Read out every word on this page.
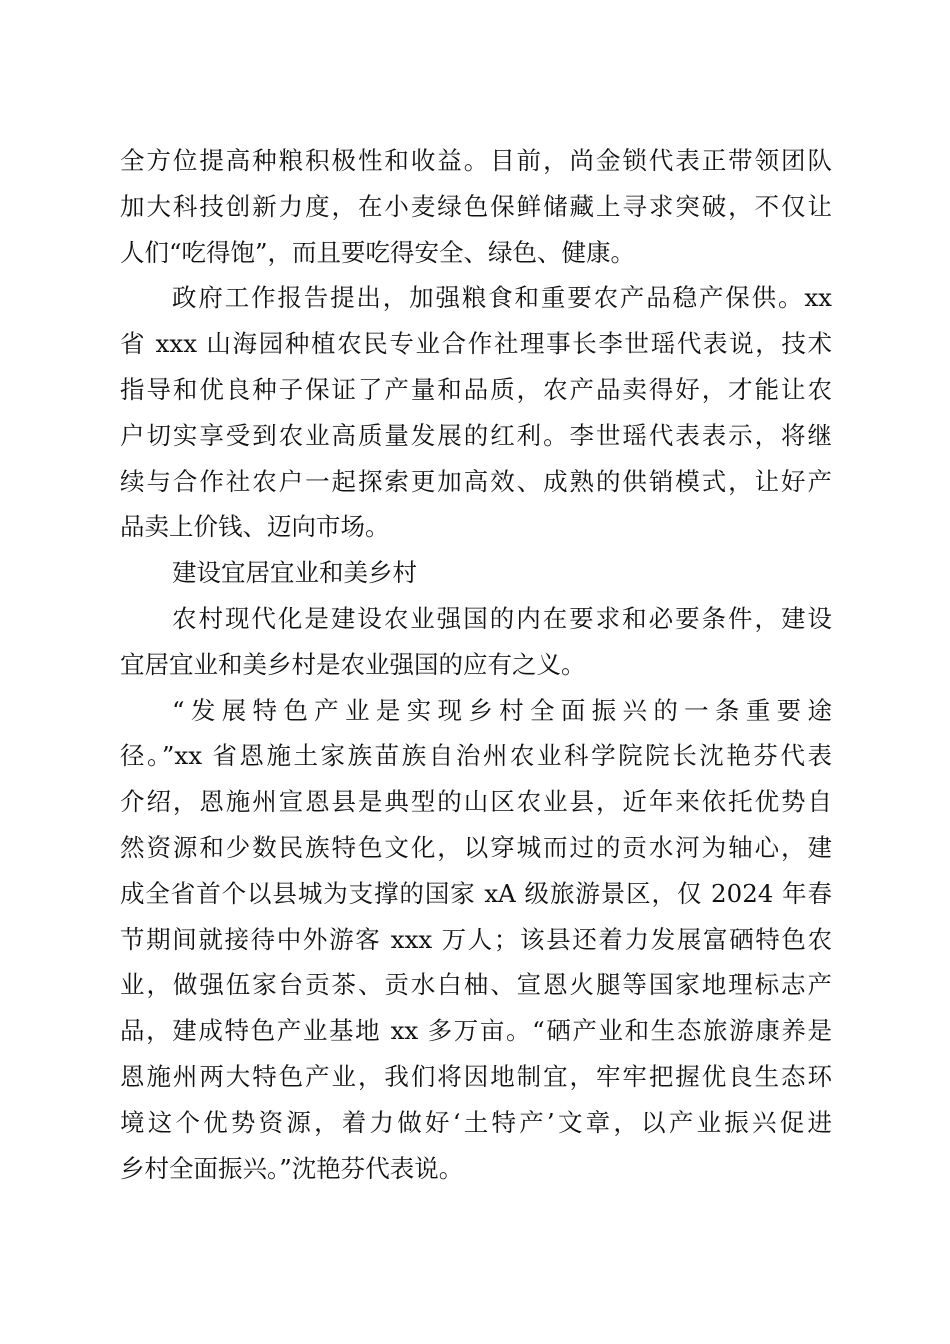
全方位提高种粮积极性和收益。目前，尚金锁代表正带领团队
加大科技创新力度，在小麦绿色保鲜储藏上寻求突破，不仅让
人们“吃得饱”，而且要吃得安全、绿色、健康。
政府工作报告提出，加强粮食和重要农产品稳产保供。xx
省 xxx 山海园种植农民专业合作社理事长李世瑶代表说，技术
指导和优良种子保证了产量和品质，农产品卖得好，才能让农
户切实享受到农业高质量发展的红利。李世瑶代表表示，将继
续与合作社农户一起探索更加高效、成熟的供销模式，让好产
品卖上价钱、迈向市场。
建设宜居宜业和美乡村
农村现代化是建设农业强国的内在要求和必要条件，建设
宜居宜业和美乡村是农业强国的应有之义。
“发展特色产业是实现乡村全面振兴的一条重要途
径。”xx 省恩施土家族苗族自治州农业科学院院长沈艳芬代表
介绍，恩施州宣恩县是典型的山区农业县，近年来依托优势自
然资源和少数民族特色文化，以穿城而过的贡水河为轴心，建
成全省首个以县城为支撑的国家 xA 级旅游景区，仅 2024 年春
节期间就接待中外游客 xxx 万人；该县还着力发展富硒特色农
业，做强伍家台贡茶、贡水白柚、宣恩火腿等国家地理标志产
品，建成特色产业基地 xx 多万亩。“硒产业和生态旅游康养是
恩施州两大特色产业，我们将因地制宜，牢牢把握优良生态环
境这个优势资源，着力做好‘土特产’文章，以产业振兴促进
乡村全面振兴。”沈艳芬代表说。
